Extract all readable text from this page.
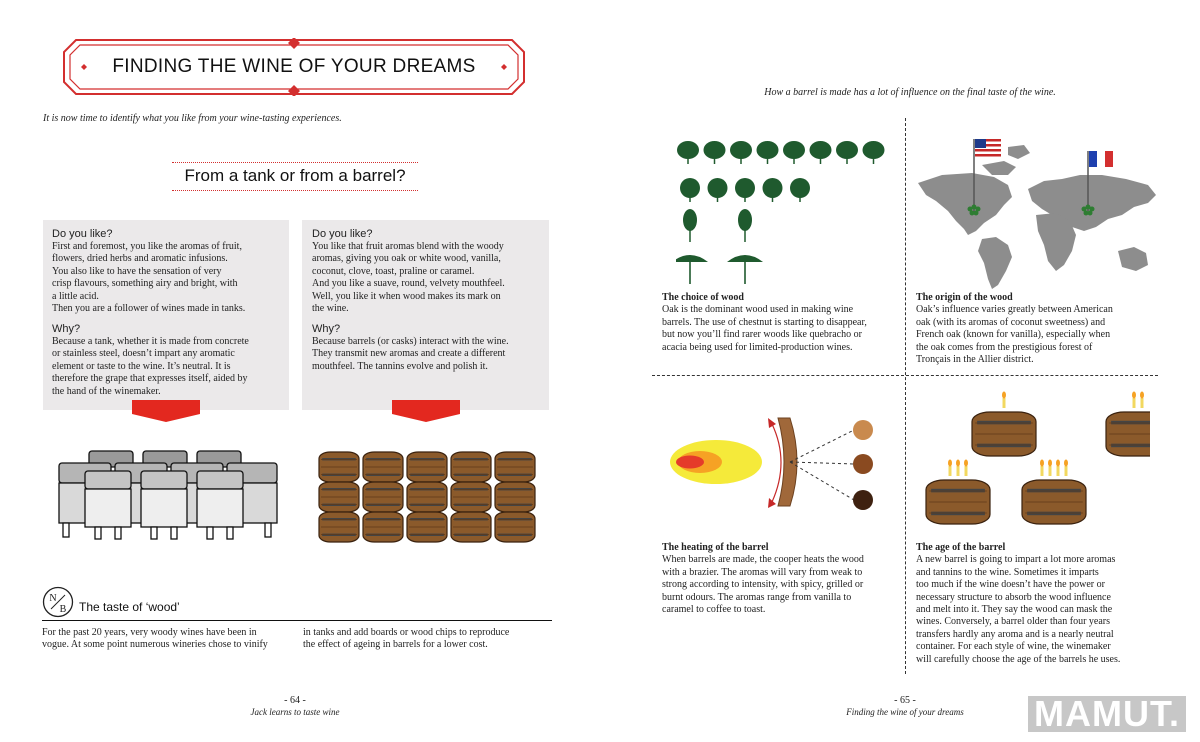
FINDING THE WINE OF YOUR DREAMS
It is now time to identify what you like from your wine-tasting experiences.
From a tank or from a barrel?
Do you like?
First and foremost, you like the aromas of fruit,
flowers, dried herbs and aromatic infusions.
You also like to have the sensation of very
crisp flavours, something airy and bright, with
a little acid.
Then you are a follower of wines made in tanks.
Why?
Because a tank, whether it is made from concrete
or stainless steel, doesn’t impart any aromatic
element or taste to the wine. It’s neutral. It is
therefore the grape that expresses itself, aided by
the hand of the winemaker.
Do you like?
You like that fruit aromas blend with the woody
aromas, giving you oak or white wood, vanilla,
coconut, clove, toast, praline or caramel.
And you like a suave, round, velvety mouthfeel.
Well, you like it when wood makes its mark on
the wine.
Why?
Because barrels (or casks) interact with the wine.
They transmit new aromas and create a different
mouthfeel. The tannins evolve and polish it.
N
B The taste of ‘wood’
For the past 20 years, very woody wines have been in
vogue. At some point numerous wineries chose to vinify
in tanks and add boards or wood chips to reproduce
the effect of ageing in barrels for a lower cost.
- 64 -
Jack learns to taste wine
How a barrel is made has a lot of influence on the final taste of the wine.
The choice of wood
Oak is the dominant wood used in making wine
barrels. The use of chestnut is starting to disappear,
but now you’ll find rarer woods like quebracho or
acacia being used for limited-production wines.
The origin of the wood
Oak’s influence varies greatly between American
oak (with its aromas of coconut sweetness) and
French oak (known for vanilla), especially when
the oak comes from the prestigious forest of
Tronçais in the Allier district.
The heating of the barrel
When barrels are made, the cooper heats the wood
with a brazier. The aromas will vary from weak to
strong according to intensity, with spicy, grilled or
burnt odours. The aromas range from vanilla to
caramel to coffee to toast.
The age of the barrel
A new barrel is going to impart a lot more aromas
and tannins to the wine. Sometimes it imparts
too much if the wine doesn’t have the power or
necessary structure to absorb the wood influence
and melt into it. They say the wood can mask the
wines. Conversely, a barrel older than four years
transfers hardly any aroma and is a nearly neutral
container. For each style of wine, the winemaker
will carefully choose the age of the barrels he uses.
- 65 -
Finding the wine of your dreams	MAMUT.
